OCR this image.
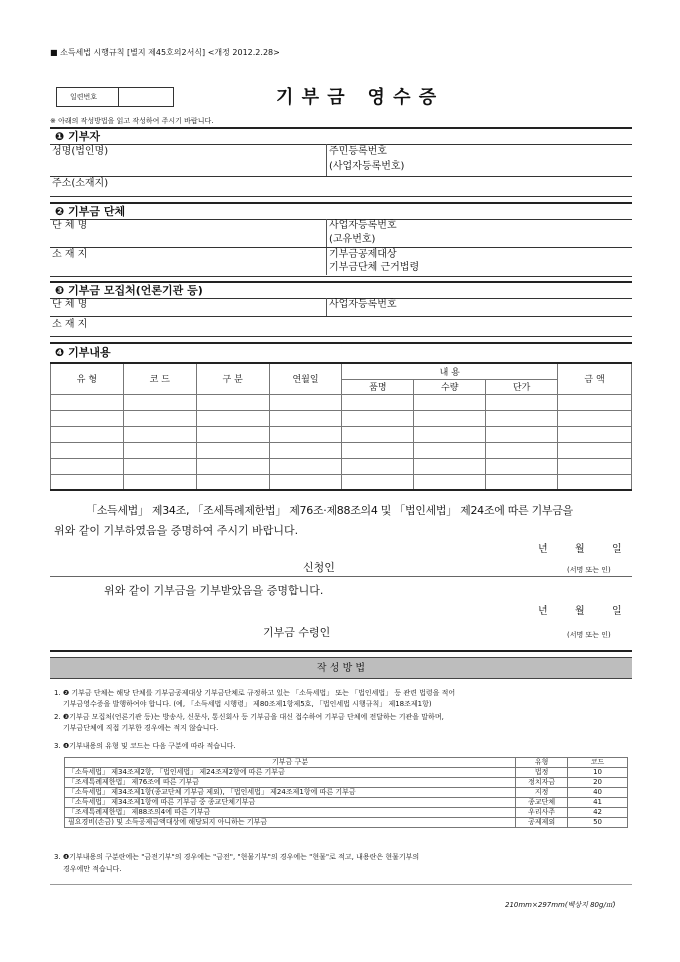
■ 소득세법 시행규칙 [별지 제45호의2서식] <개정 2012.2.28>
일련번호	기 부 금   영 수 증
※ 아래의 작성방법을 읽고 작성하여 주시기 바랍니다.
❶ 기부자
성명(법인명)	주민등록번호
(사업자등록번호)
주소(소재지)
❷ 기부금 단체
단 체 명	사업자등록번호
(고유번호)
소 재 지	기부금공제대상
기부금단체 근거법령
❸ 기부금 모집처(언론기관 등)
단 체 명	사업자등록번호
소 재 지
❹ 기부내용
유 형	코 드	구 분	연월일	내 용			금 액
				품명	수량	단가	

「소득세법」 제34조, 「조세특례제한법」 제76조·제88조의4 및 「법인세법」 제24조에 따른 기부금을
위와 같이 기부하였음을 증명하여 주시기 바랍니다.
년	월	일
신청인	(서명 또는 인)
위와 같이 기부금을 기부받았음을 증명합니다.
년	월	일
기부금 수령인	(서명 또는 인)
작 성 방 법
1. ❷ 기부금 단체는 해당 단체를 기부금공제대상 기부금단체로 규정하고 있는 「소득세법」 또는 「법인세법」 등 관련 법령을 적어
기부금영수증을 발행하여야 합니다. (예, 「소득세법 시행령」 제80조제1항제5호, 「법인세법 시행규칙」 제18조제1항)
2. ❸기부금 모집처(언론기관 등)는 방송사, 신문사, 통신회사 등 기부금을 대신 접수하여 기부금 단체에 전달하는 기관을 말하며,
기부금단체에 직접 기부한 경우에는 적지 않습니다.
3. ❹기부내용의 유형 및 코드는 다음 구분에 따라 적습니다.
기부금 구분	유형	코드
「소득세법」 제34조제2항, 「법인세법」 제24조제2항에 따른 기부금	법정	10
「조세특례제한법」 제76조에 따른 기부금	정치자금	20
「소득세법」 제34조제1항(종교단체 기부금 제외), 「법인세법」 제24조제1항에 따른 기부금	지정	40
「소득세법」 제34조제1항에 따른 기부금 중 종교단체기부금	종교단체	41
「조세특례제한법」 제88조의4에 따른 기부금	우리사주	42
필요경비(손금) 및 소득공제금액대상에 해당되지 아니하는 기부금	공제제외	50
3. ❹기부내용의 구분란에는 "금전기부"의 경우에는 "금전", "현물기부"의 경우에는 "현물"로 적고, 내용란은 현물기부의
경우에만 적습니다.
210mm×297mm(백상지 80g/㎡)
